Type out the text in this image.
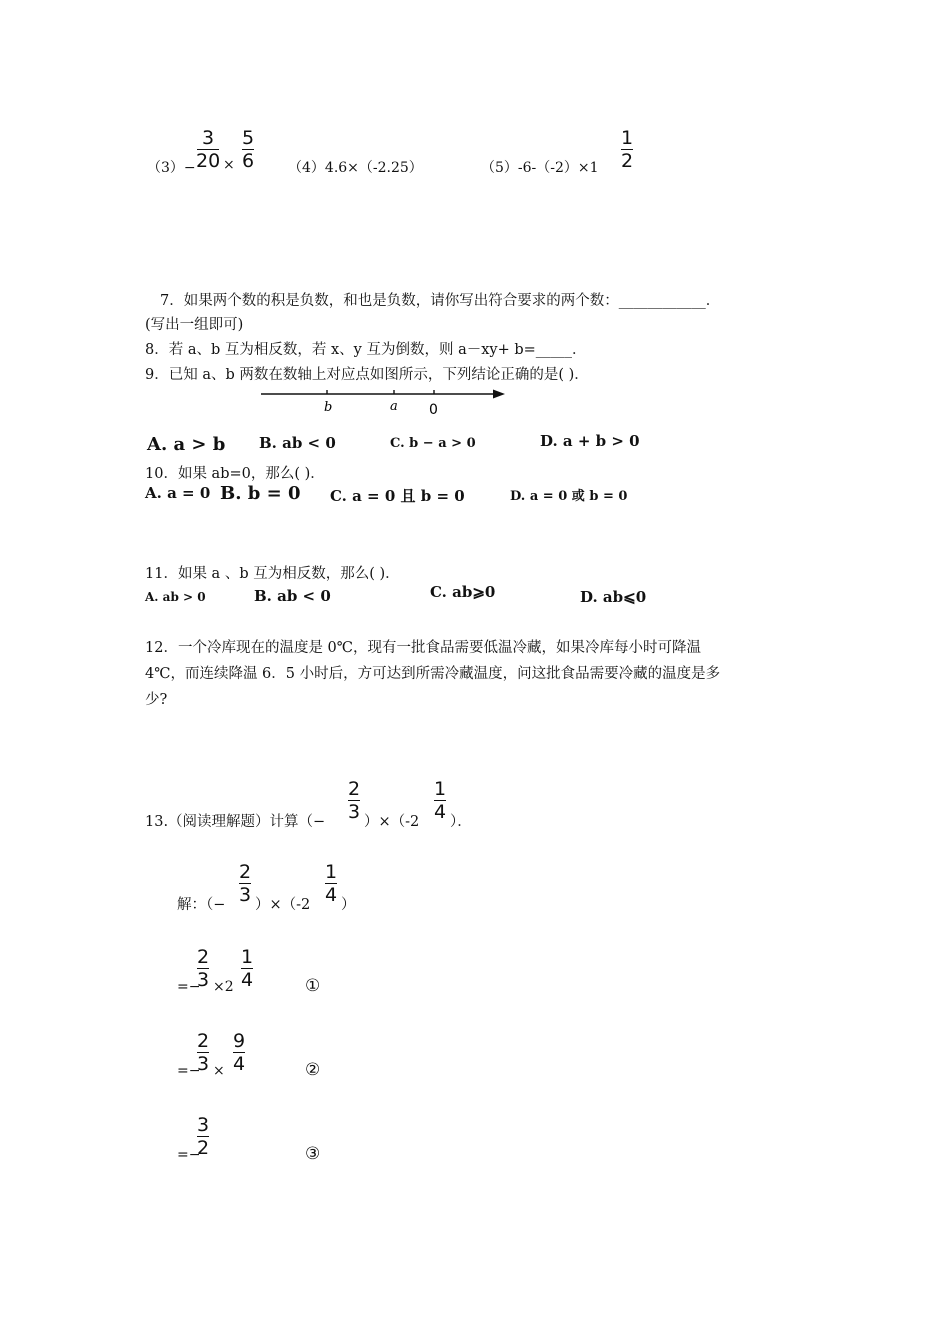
（3）−
3
20 ×
5
6 （4）4.6×（-2.25）	（5）-6-（-2）×1
1
2
7．如果两个数的积是负数，和也是负数，请你写出符合要求的两个数：____________．
(写出一组即可)
8．若 a、b 互为相反数，若 x、y 互为倒数，则 a－xy+ b=_____．
9．已知 a、b 两数在数轴上对应点如图所示，下列结论正确的是( )．
b	a 0
A. a > b B. ab < 0	C. b − a > 0	D. a + b > 0
10．如果 ab=0，那么( )．
A. a = 0 B. b = 0 C. a = 0 且 b = 0	D. a = 0 或 b = 0
11．如果 a 、b 互为相反数，那么( )．
A. ab > 0	B. ab < 0	C. ab⩾0	D. ab⩽0
12．一个冷库现在的温度是 0℃，现有一批食品需要低温冷藏，如果冷库每小时可降温
4℃，而连续降温 6．5 小时后，方可达到所需冷藏温度，问这批食品需要冷藏的温度是多
少?
13.（阅读理解题）计算（−
2
3 ）×（-2
1
4 ）．
解：（−
2
3 ）×（-2
1
4 ）
=−
2
3 ×2
1
4	①
=−
2
3 ×
9
4	②
=−
3
2	③
